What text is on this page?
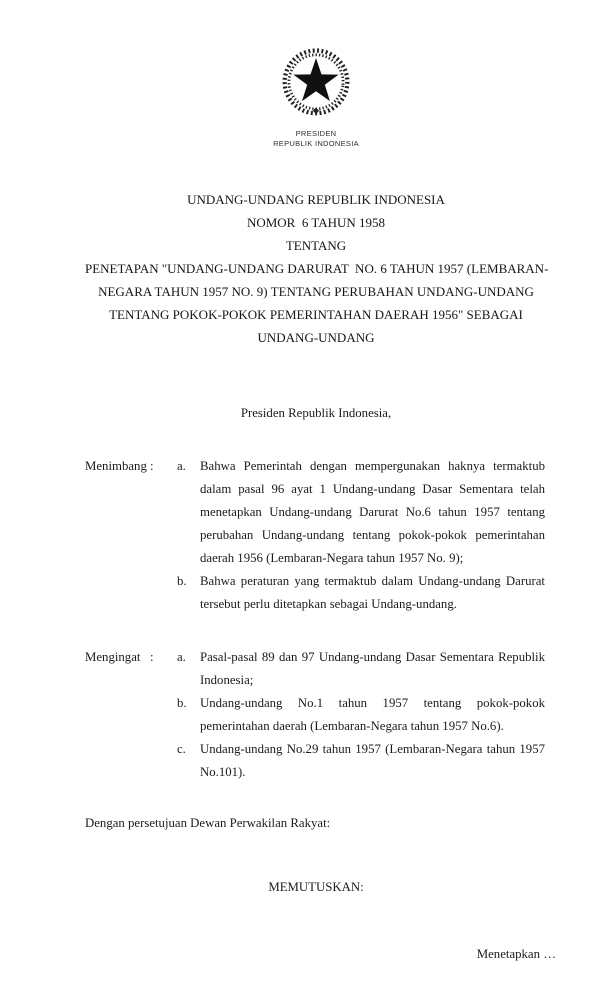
PRESIDEN
REPUBLIK INDONESIA
UNDANG-UNDANG REPUBLIK INDONESIA
NOMOR  6 TAHUN 1958
TENTANG
PENETAPAN "UNDANG-UNDANG DARURAT  NO. 6 TAHUN 1957 (LEMBARAN-
NEGARA TAHUN 1957 NO. 9) TENTANG PERUBAHAN UNDANG-UNDANG
TENTANG POKOK-POKOK PEMERINTAHAN DAERAH 1956" SEBAGAI
UNDANG-UNDANG
Presiden Republik Indonesia,
Menimbang :	a.	Bahwa Pemerintah dengan mempergunakan haknya termaktub dalam pasal 96 ayat 1 Undang-undang Dasar Sementara telah menetapkan Undang-undang Darurat No.6 tahun 1957 tentang perubahan Undang-undang tentang pokok-pokok pemerintahan daerah 1956 (Lembaran-Negara tahun 1957 No. 9);
b.	Bahwa peraturan yang termaktub dalam Undang-undang Darurat tersebut perlu ditetapkan sebagai Undang-undang.
Mengingat :	a.	Pasal-pasal 89 dan 97 Undang-undang Dasar Sementara Republik Indonesia;
b.	Undang-undang No.1 tahun 1957 tentang pokok-pokok pemerintahan daerah (Lembaran-Negara tahun 1957 No.6).
c.	Undang-undang No.29 tahun 1957 (Lembaran-Negara tahun 1957 No.101).
Dengan persetujuan Dewan Perwakilan Rakyat:
MEMUTUSKAN:
Menetapkan …
